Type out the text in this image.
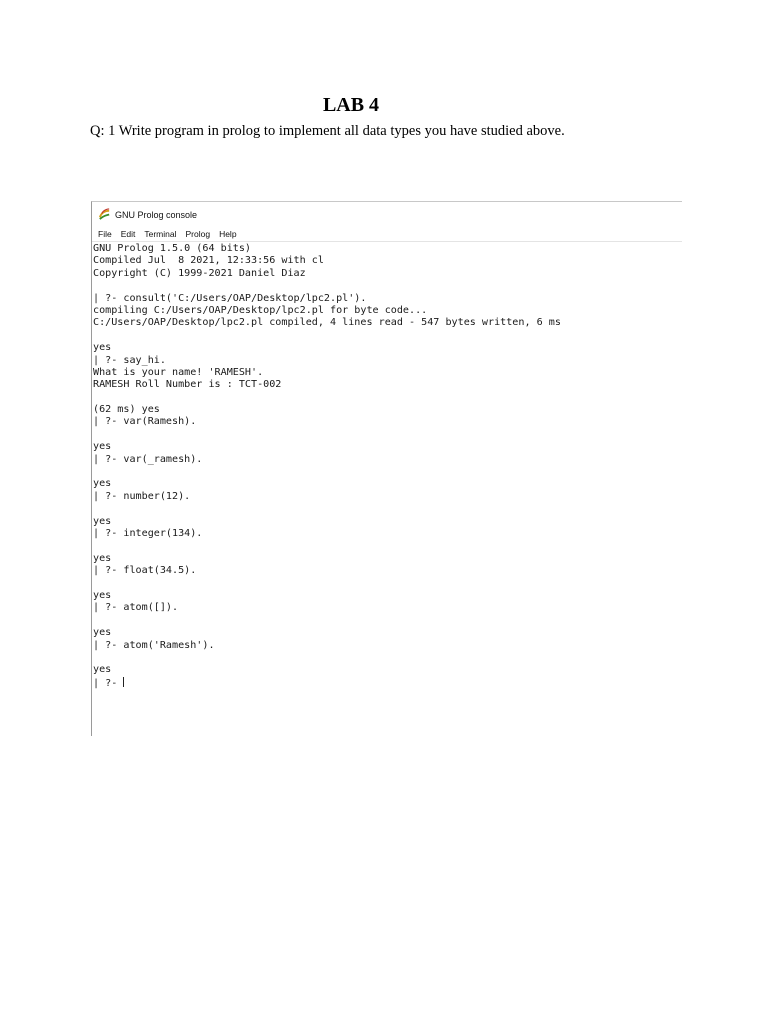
LAB 4
Q: 1 Write program in prolog to implement all data types you have studied above.
GNU Prolog console
File Edit Terminal Prolog Help
GNU Prolog 1.5.0 (64 bits)
Compiled Jul  8 2021, 12:33:56 with cl
Copyright (C) 1999-2021 Daniel Diaz
| ?- consult('C:/Users/OAP/Desktop/lpc2.pl').
compiling C:/Users/OAP/Desktop/lpc2.pl for byte code...
C:/Users/OAP/Desktop/lpc2.pl compiled, 4 lines read - 547 bytes written, 6 ms
yes
| ?- say_hi.
What is your name! 'RAMESH'.
RAMESH Roll Number is : TCT-002
(62 ms) yes
| ?- var(Ramesh).
yes
| ?- var(_ramesh).
yes
| ?- number(12).
yes
| ?- integer(134).
yes
| ?- float(34.5).
yes
| ?- atom([]).
yes
| ?- atom('Ramesh').
yes
| ?-
